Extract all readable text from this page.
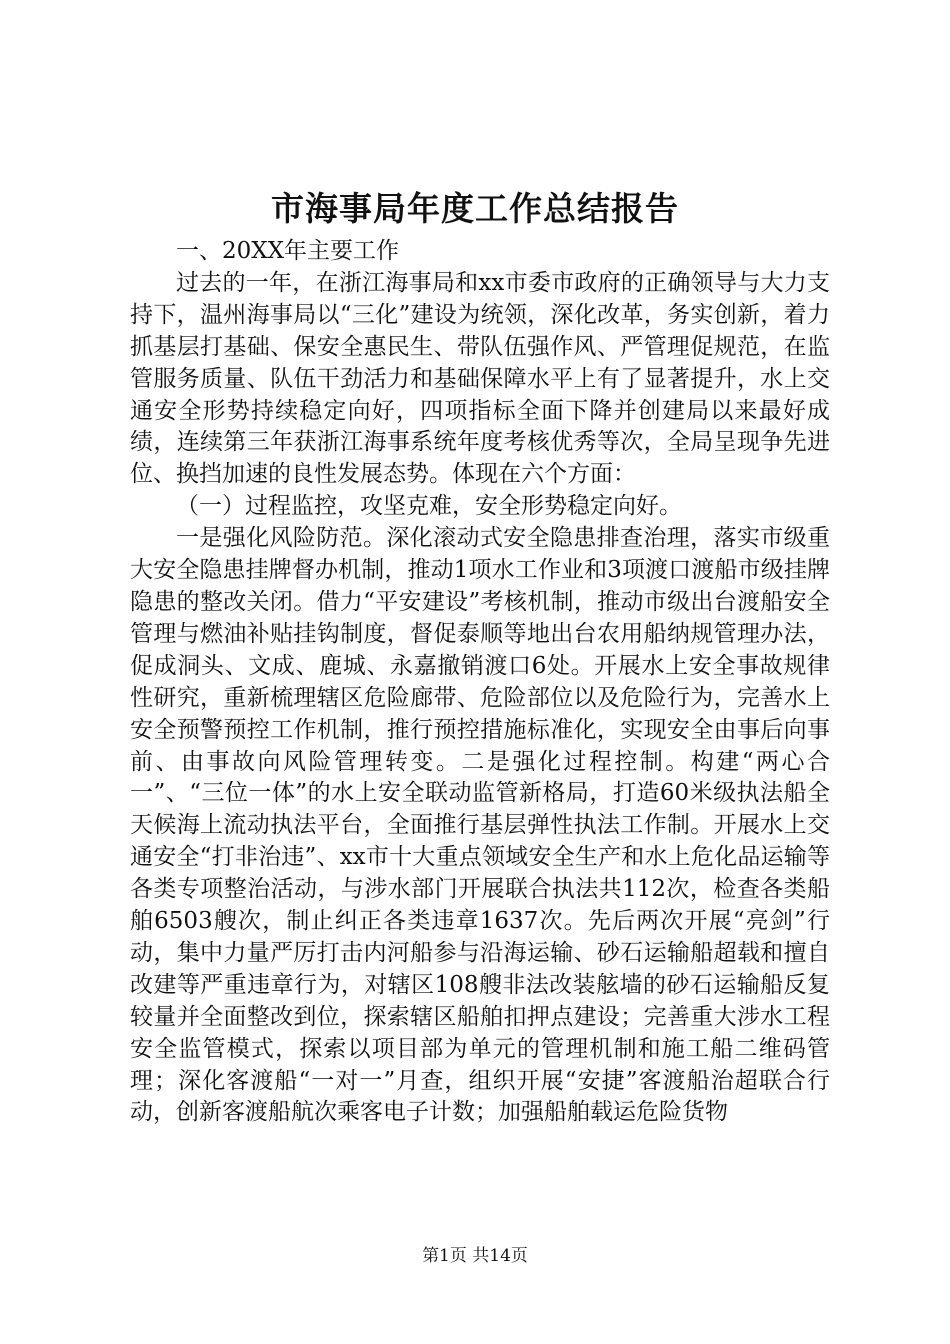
市海事局年度工作总结报告

一、20XX年主要工作

过去的一年，在浙江海事局和xx市委市政府的正确领导与大力支持下，温州海事局以“三化”建设为统领，深化改革，务实创新，着力抓基层打基础、保安全惠民生、带队伍强作风、严管理促规范，在监管服务质量、队伍干劲活力和基础保障水平上有了显著提升，水上交通安全形势持续稳定向好，四项指标全面下降并创建局以来最好成绩，连续第三年获浙江海事系统年度考核优秀等次，全局呈现争先进位、换挡加速的良性发展态势。体现在六个方面：

（一）过程监控，攻坚克难，安全形势稳定向好。

一是强化风险防范。深化滚动式安全隐患排查治理，落实市级重大安全隐患挂牌督办机制，推动1项水工作业和3项渡口渡船市级挂牌隐患的整改关闭。借力“平安建设”考核机制，推动市级出台渡船安全管理与燃油补贴挂钩制度，督促泰顺等地出台农用船纳规管理办法，促成洞头、文成、鹿城、永嘉撤销渡口6处。开展水上安全事故规律性研究，重新梳理辖区危险廊带、危险部位以及危险行为，完善水上安全预警预控工作机制，推行预控措施标准化，实现安全由事后向事前、由事故向风险管理转变。二是强化过程控制。构建“两心合一”、“三位一体”的水上安全联动监管新格局，打造60米级执法船全天候海上流动执法平台，全面推行基层弹性执法工作制。开展水上交通安全“打非治违”、xx市十大重点领域安全生产和水上危化品运输等各类专项整治活动，与涉水部门开展联合执法共112次，检查各类船舶6503艘次，制止纠正各类违章1637次。先后两次开展“亮剑”行动，集中力量严厉打击内河船参与沿海运输、砂石运输船超载和擅自改建等严重违章行为，对辖区108艘非法改装舷墙的砂石运输船反复较量并全面整改到位，探索辖区船舶扣押点建设；完善重大涉水工程安全监管模式，探索以项目部为单元的管理机制和施工船二维码管理；深化客渡船“一对一”月查，组织开展“安捷”客渡船治超联合行动，创新客渡船航次乘客电子计数；加强船舶载运危险货物

第1页 共14页
